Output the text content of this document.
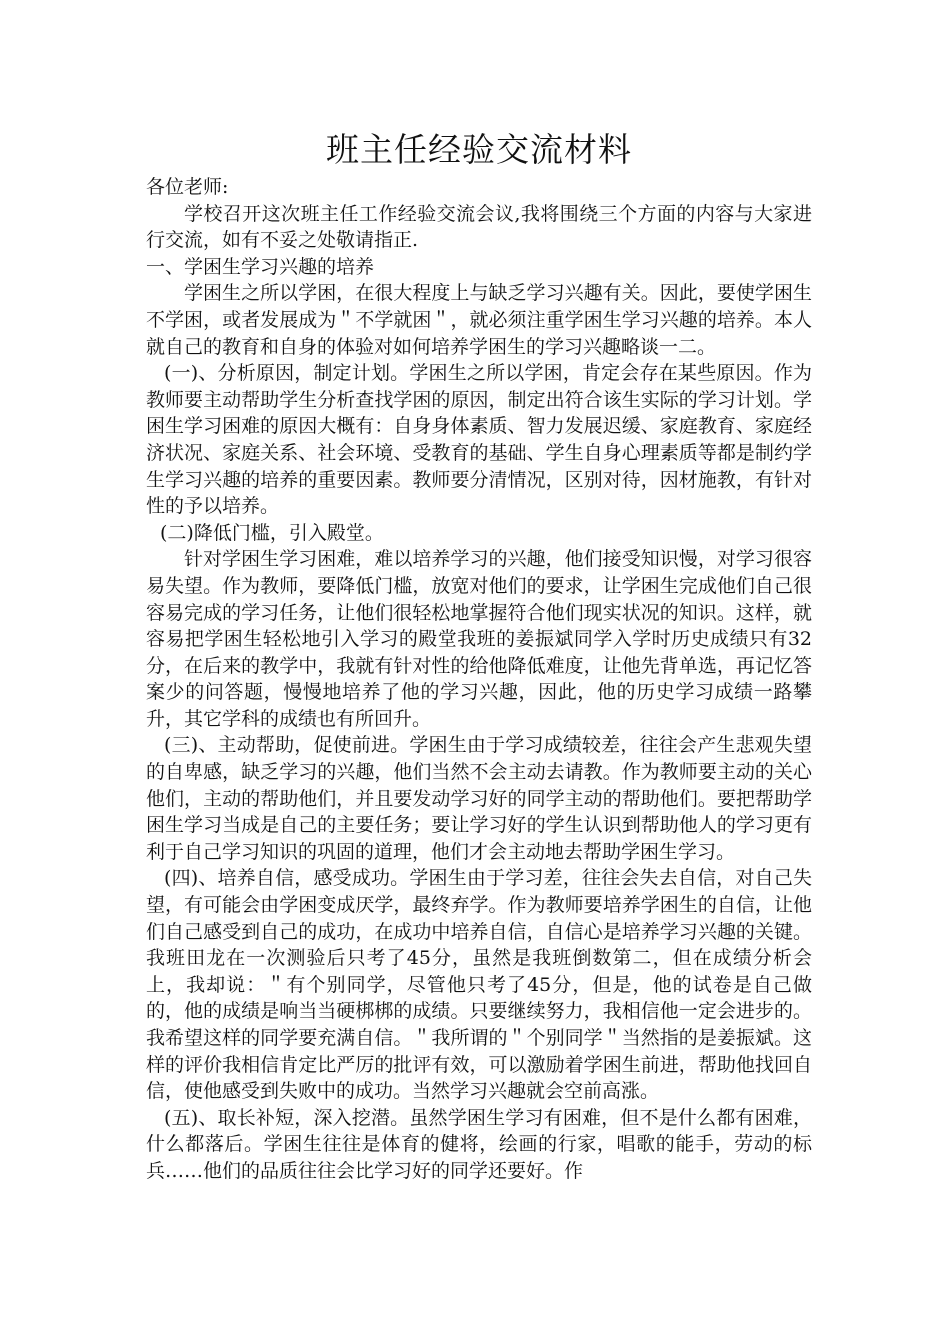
班主任经验交流材料

各位老师:

学校召开这次班主任工作经验交流会议,我将围绕三个方面的内容与大家进行交流，如有不妥之处敬请指正.

一、学困生学习兴趣的培养

学困生之所以学困，在很大程度上与缺乏学习兴趣有关。因此，要使学困生不学困，或者发展成为＂不学就困＂，就必须注重学困生学习兴趣的培养。本人就自己的教育和自身的体验对如何培养学困生的学习兴趣略谈一二。

(一)、分析原因，制定计划。学困生之所以学困，肯定会存在某些原因。作为教师要主动帮助学生分析查找学困的原因，制定出符合该生实际的学习计划。学困生学习困难的原因大概有：自身身体素质、智力发展迟缓、家庭教育、家庭经济状况、家庭关系、社会环境、受教育的基础、学生自身心理素质等都是制约学生学习兴趣的培养的重要因素。教师要分清情况，区别对待，因材施教，有针对性的予以培养。

(二)降低门槛，引入殿堂。

针对学困生学习困难，难以培养学习的兴趣，他们接受知识慢，对学习很容易失望。作为教师，要降低门槛，放宽对他们的要求，让学困生完成他们自己很容易完成的学习任务，让他们很轻松地掌握符合他们现实状况的知识。这样，就容易把学困生轻松地引入学习的殿堂我班的姜振斌同学入学时历史成绩只有32分，在后来的教学中，我就有针对性的给他降低难度，让他先背单选，再记忆答案少的问答题，慢慢地培养了他的学习兴趣，因此，他的历史学习成绩一路攀升，其它学科的成绩也有所回升。

(三)、主动帮助，促使前进。学困生由于学习成绩较差，往往会产生悲观失望的自卑感，缺乏学习的兴趣，他们当然不会主动去请教。作为教师要主动的关心他们，主动的帮助他们，并且要发动学习好的同学主动的帮助他们。要把帮助学困生学习当成是自己的主要任务；要让学习好的学生认识到帮助他人的学习更有利于自己学习知识的巩固的道理，他们才会主动地去帮助学困生学习。

(四)、培养自信，感受成功。学困生由于学习差，往往会失去自信，对自己失望，有可能会由学困变成厌学，最终弃学。作为教师要培养学困生的自信，让他们自己感受到自己的成功，在成功中培养自信，自信心是培养学习兴趣的关键。我班田龙在一次测验后只考了45分，虽然是我班倒数第二，但在成绩分析会上，我却说：＂有个别同学，尽管他只考了45分，但是，他的试卷是自己做的，他的成绩是响当当硬梆梆的成绩。只要继续努力，我相信他一定会进步的。我希望这样的同学要充满自信。＂我所谓的＂个别同学＂当然指的是姜振斌。这样的评价我相信肯定比严厉的批评有效，可以激励着学困生前进，帮助他找回自信，使他感受到失败中的成功。当然学习兴趣就会空前高涨。

(五)、取长补短，深入挖潜。虽然学困生学习有困难，但不是什么都有困难，什么都落后。学困生往往是体育的健将，绘画的行家，唱歌的能手，劳动的标兵……他们的品质往往会比学习好的同学还要好。作
